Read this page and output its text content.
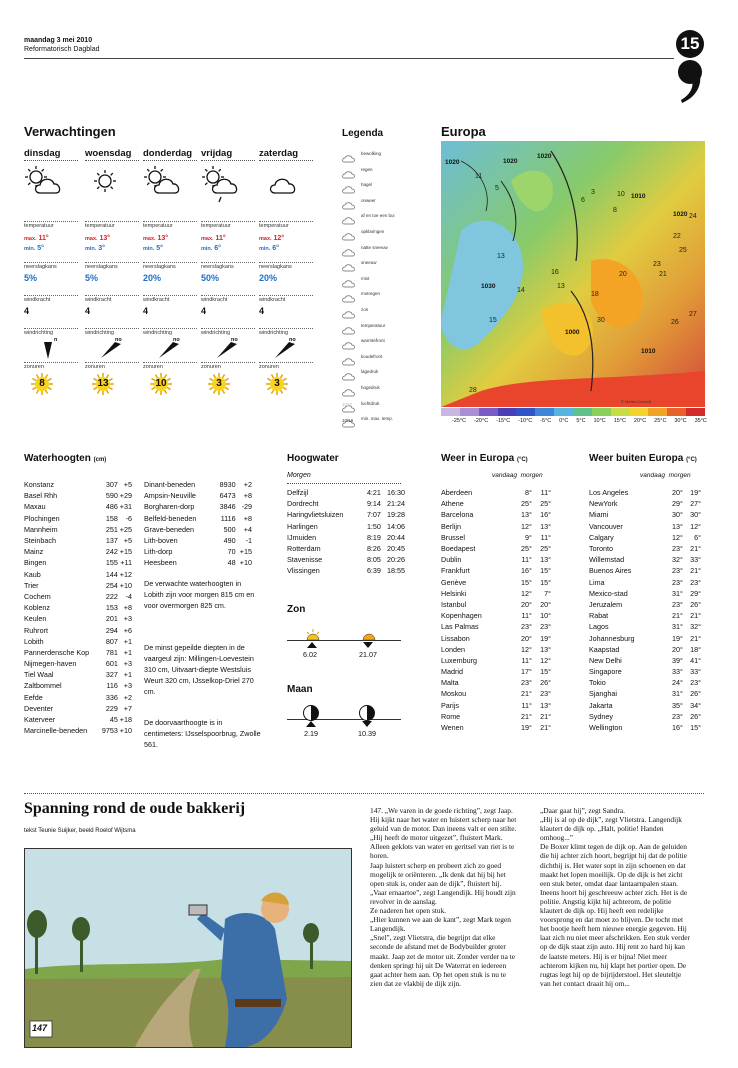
maandag 3 mei 2010
Reformatorisch Dagblad	15
Verwachtingen
dinsdag
temperatuur
max. 11°
min. 5°
neerslagkans
5%
windkracht
4
windrichting
n
zonuren
8
woensdag
temperatuur
max. 13°
min. 3°
neerslagkans
5%
windkracht
4
windrichting
no
zonuren
13
donderdag
temperatuur
max. 13°
min. 5°
neerslagkans
20%
windkracht
4
windrichting
no
zonuren
10
vrijdag
temperatuur
max. 11°
min. 6°
neerslagkans
50%
windkracht
4
windrichting
no
zonuren
3
zaterdag
temperatuur
max. 12°
min. 6°
neerslagkans
20%
windkracht
4
windrichting
no
zonuren
3
Legenda
bewolking
regen
hagel
onweer
af en toe een bui
opklaringen
natte sneeuw
sneeuw
mist
motregen
zon
temperatuur
warmtefront
koudefront
lagedruk
hogedruk
luchtdruk
min. max. temp.
1020
10/16
Europa
1020	1020
1020
1010
1020
1030
1000
1010
11
5
3
6
8
10
13
16
14
15
18
22
25
21
20
23
24
26
27
28
30
13
© Meteo Consult
-25°C -20°C -15°C -10°C -5°C 0°C 5°C 10°C 15°C 20°C 25°C 30°C 35°C
Waterhoogten (cm)
Konstanz	307	+5
Basel Rhh	590	+29
Maxau	486	+31
Plochingen	158	-6
Mannheim	251	+25
Steinbach	137	+5
Mainz	242	+15
Bingen	155	+11
Kaub	144	+12
Trier	254	+10
Cochem	222	-4
Koblenz	153	+8
Keulen	201	+3
Ruhrort	294	+6
Lobith	807	+1
Pannerdensche Kop	781	+1
Nijmegen-haven	601	+3
Tiel Waal	327	+1
Zaltbommel	116	+3
Eefde	336	+2
Deventer	229	+7
Katerveer	45	+18
Marcinelle-beneden	9753	+10
Dinant-beneden	8930	+2
Ampsin-Neuville	6473	+8
Borgharen-dorp	3846	-29
Belfeld-beneden	1116	+8
Grave-beneden	500	+4
Lith-boven	490	-1
Lith-dorp	70	+15
Heesbeen	48	+10
De verwachte waterhoogten in Lobith zijn voor morgen 815 cm en voor overmorgen 825 cm.
De minst gepeilde diepten in de vaargeul zijn: Millingen-Loevestein 310 cm, Uitvaart-diepte Westsluis Weurt 320 cm, IJsselkop-Driel 270 cm.
De doorvaarthoogte is in centimeters: IJsselspoorbrug, Zwolle 561.
Hoogwater
Morgen
Delfzijl	4:21	16:30
Dordrecht	9:14	21:24
Haringvlietsluizen	7:07	19:28
Harlingen	1:50	14:06
IJmuiden	8:19	20:44
Rotterdam	8:26	20:45
Stavenisse	8:05	20:26
Vlissingen	6:39	18:55
Zon
6.02	21.07
Maan
2.19	10.39
Weer in Europa (°C)
vandaag morgen
Aberdeen	8°	11°
Athene	25°	25°
Barcelona	13°	16°
Berlijn	12°	13°
Brussel	9°	11°
Boedapest	25°	25°
Dublin	11°	13°
Frankfurt	16°	15°
Genève	15°	15°
Helsinki	12°	7°
Istanbul	20°	20°
Kopenhagen	11°	10°
Las Palmas	23°	23°
Lissabon	20°	19°
Londen	12°	13°
Luxemburg	11°	12°
Madrid	17°	15°
Malta	23°	26°
Moskou	21°	23°
Parijs	11°	13°
Rome	21°	21°
Wenen	19°	21°
Weer buiten Europa (°C)
vandaag morgen
Los Angeles	20°	19°
NewYork	29°	27°
Miami	30°	30°
Vancouver	13°	12°
Calgary	12°	6°
Toronto	23°	21°
Willemstad	32°	33°
Buenos Aires	23°	21°
Lima	23°	23°
Mexico-stad	31°	29°
Jeruzalem	23°	26°
Rabat	21°	21°
Lagos	31°	32°
Johannesburg	19°	21°
Kaapstad	20°	18°
New Delhi	39°	41°
Singapore	33°	33°
Tokio	24°	23°
Sjanghai	31°	26°
Jakarta	35°	34°
Sydney	23°	26°
Wellington	16°	15°
Spanning rond de oude bakkerij
tekst Teunie Suijker, beeld Roelof Wijtsma
147

147. „We varen in de goede richting”, zegt Jaap. Hij kijkt naar het water en luistert scherp naar het geluid van de motor. Dan ineens valt er een stilte.

„Hij heeft de motor uitgezet”, fluistert Mark.

Alleen geklots van water en geritsel van riet is te horen.

Jaap luistert scherp en probeert zich zo goed mogelijk te oriënteren. „Ik denk dat hij bij het open stuk is, onder aan de dijk”, fluistert hij.

„Vaar ernaartoe”, zegt Langendijk. Hij houdt zijn revolver in de aanslag.

Ze naderen het open stuk.

„Hier kunnen we aan de kant”, zegt Mark tegen Langendijk.

„Snel”, zegt Vlietstra, die begrijpt dat elke seconde de afstand met de Bodybuilder groter maakt. Jaap zet de motor uit. Zonder verder na te denken springt hij uit De Waterrat en iedereen gaat achter hem aan. Op het open stuk is nu te zien dat ze vlakbij de dijk zijn.

„Daar gaat hij”, zegt Sandra.

„Hij is al op de dijk”, zegt Vlietstra. Langendijk klautert de dijk op. „Halt, politie! Handen omhoog...”

De Boxer klimt tegen de dijk op. Aan de geluiden die hij achter zich hoort, begrijpt hij dat de politie dichtbij is. Het water sopt in zijn schoenen en dat maakt het lopen moeilijk. Op de dijk is het zicht een stuk beter, omdat daar lantaarnpalen staan. Ineens hoort hij geschreeuw achter zich. Het is de politie. Angstig kijkt hij achterom, de politie klautert de dijk op. Hij heeft een redelijke voorsprong en dat moet zo blijven. De tocht met het bootje heeft hem nieuwe energie gegeven. Hij laat zich nu niet meer afschrikken. Een stuk verder op de dijk staat zijn auto. Hij rent zo hard hij kan de laatste meters. Hij is er bijna! Niet meer achterom kijken nu, hij klapt het portier open. De rugtas legt hij op de bijrijderstoel. Het sleuteltje van het contact draait hij om...
